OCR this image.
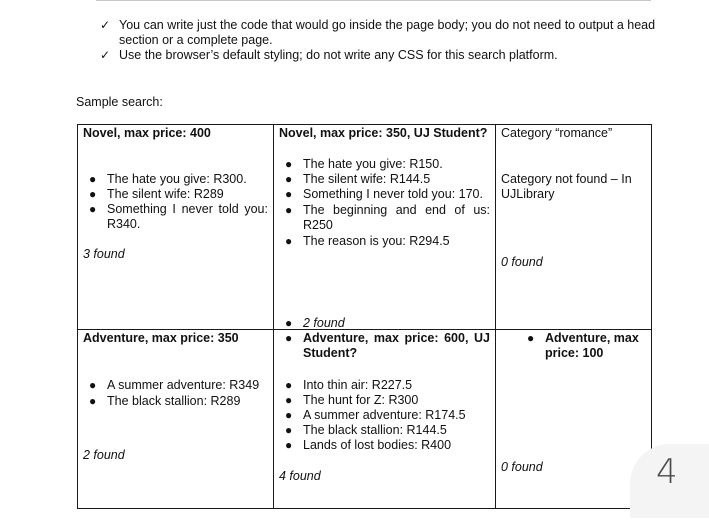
✓ You can write just the code that would go inside the page body; you do not need to output a head section or a complete page.
✓ Use the browser’s default styling; do not write any CSS for this search platform.
Sample search:
Novel, max price: 400
● The hate you give: R300.
● The silent wife: R289
● Something I never told you: R340.
3 found
Novel, max price: 350, UJ Student?
● The hate you give: R150.
● The silent wife: R144.5
● Something I never told you: 170.
● The beginning and end of us: R250
● The reason is you: R294.5
Category “romance”
Category not found – In UJLibrary
0 found
Adventure, max price: 350
● A summer adventure: R349
● The black stallion: R289
2 found
● 2 found
● Adventure, max price: 600, UJ Student?
● Into thin air: R227.5
● The hunt for Z: R300
● A summer adventure: R174.5
● The black stallion: R144.5
● Lands of lost bodies: R400
4 found
● Adventure, max price: 100
0 found	4
